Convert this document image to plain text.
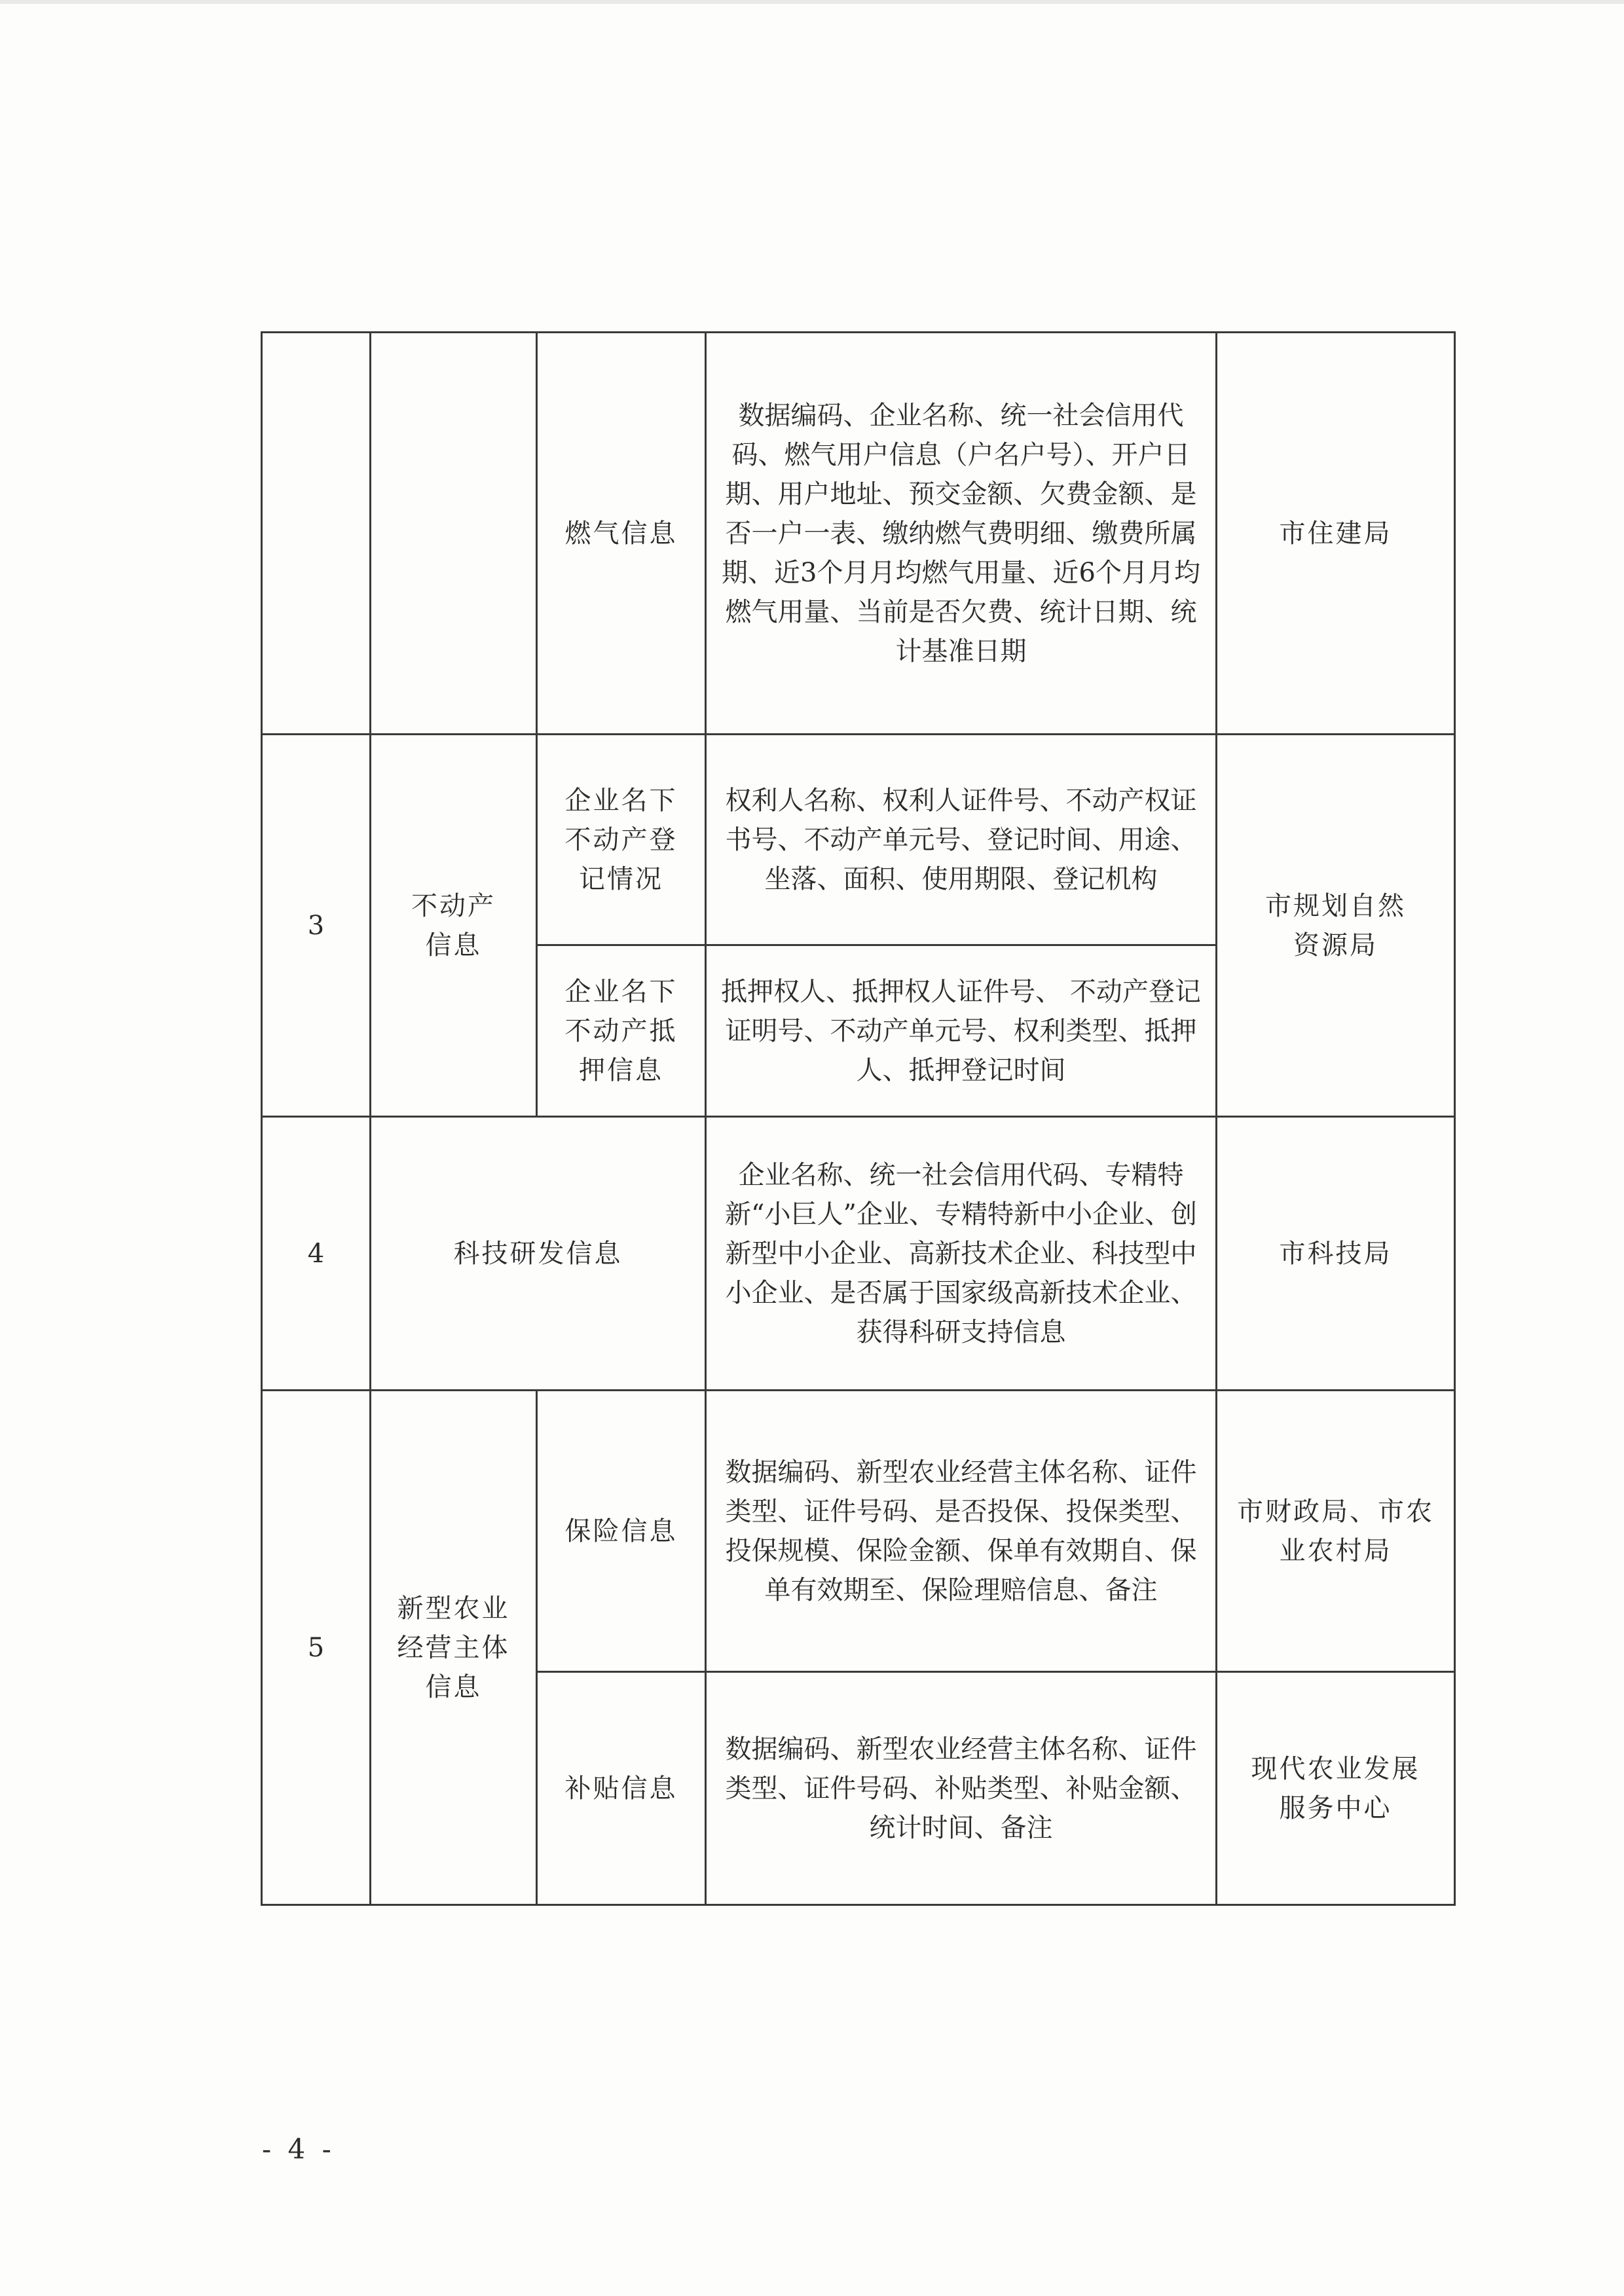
		燃气信息	数据编码、企业名称、统一社会信用代码、燃气用户信息（户名户号）、开户日期、用户地址、预交金额、欠费金额、是否一户一表、缴纳燃气费明细、缴费所属期、近3个月月均燃气用量、近6个月月均燃气用量、当前是否欠费、统计日期、统计基准日期	市住建局
3	不动产信息	企业名下不动产登记情况	权利人名称、权利人证件号、不动产权证书号、不动产单元号、登记时间、用途、坐落、面积、使用期限、登记机构	市规划自然资源局
		企业名下不动产抵押信息	抵押权人、抵押权人证件号、 不动产登记证明号、不动产单元号、权利类型、抵押人、抵押登记时间	
4	科技研发信息		企业名称、统一社会信用代码、专精特新“小巨人”企业、专精特新中小企业、创新型中小企业、高新技术企业、科技型中小企业、是否属于国家级高新技术企业、获得科研支持信息	市科技局
5	新型农业经营主体信息	保险信息	数据编码、新型农业经营主体名称、证件类型、证件号码、是否投保、投保类型、投保规模、保险金额、保单有效期自、保单有效期至、保险理赔信息、备注	市财政局、市农业农村局
		补贴信息	数据编码、新型农业经营主体名称、证件类型、证件号码、补贴类型、补贴金额、统计时间、备注	现代农业发展服务中心
- 4 -
